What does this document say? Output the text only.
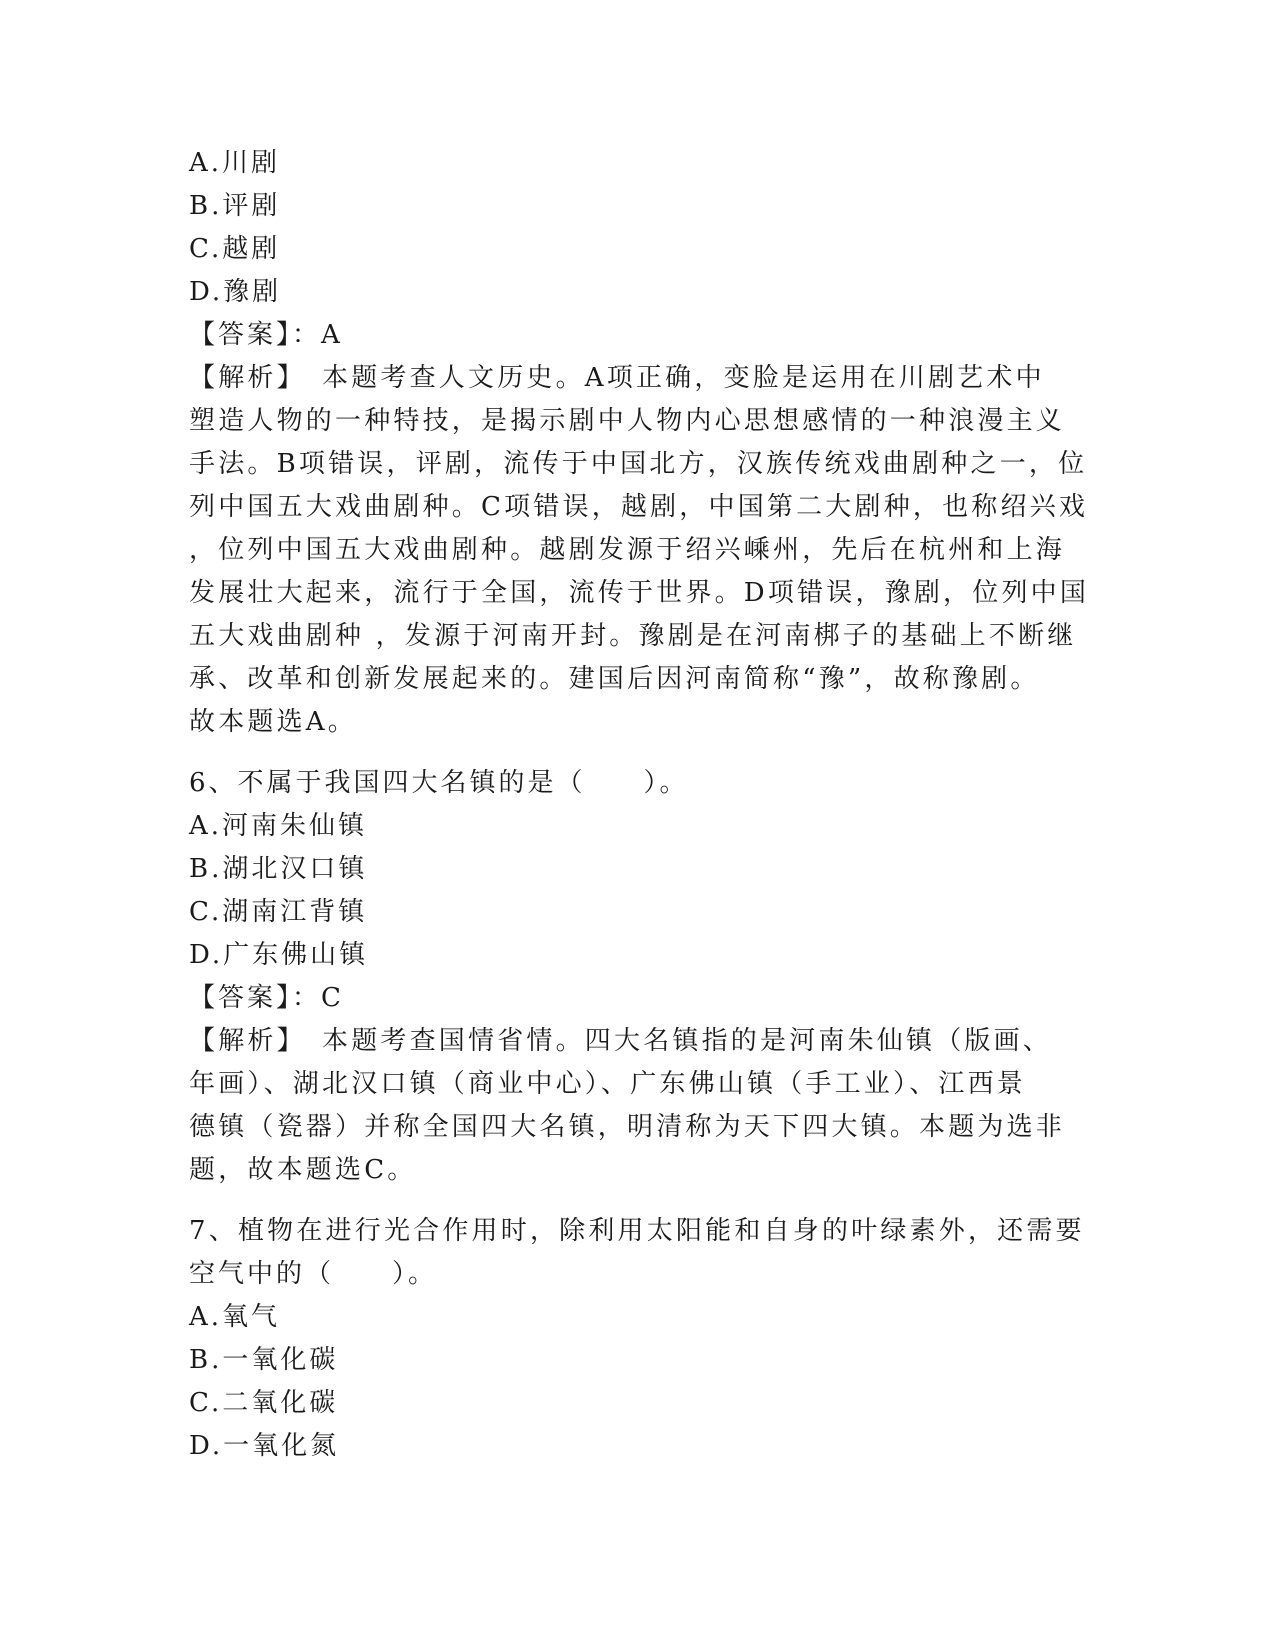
A.川剧
B.评剧
C.越剧
D.豫剧
【答案】：A
【解析】　本题考查人文历史。A项正确，变脸是运用在川剧艺术中
塑造人物的一种特技，是揭示剧中人物内心思想感情的一种浪漫主义
手法。B项错误，评剧，流传于中国北方，汉族传统戏曲剧种之一，位
列中国五大戏曲剧种。C项错误，越剧，中国第二大剧种，也称绍兴戏
，位列中国五大戏曲剧种。越剧发源于绍兴嵊州，先后在杭州和上海
发展壮大起来，流行于全国，流传于世界。D项错误，豫剧，位列中国
五大戏曲剧种 ，发源于河南开封。豫剧是在河南梆子的基础上不断继
承、改革和创新发展起来的。建国后因河南简称“豫”，故称豫剧。
故本题选A。
6、不属于我国四大名镇的是（　　）。
A.河南朱仙镇
B.湖北汉口镇
C.湖南江背镇
D.广东佛山镇
【答案】：C
【解析】　本题考查国情省情。四大名镇指的是河南朱仙镇（版画、
年画）、湖北汉口镇（商业中心）、广东佛山镇（手工业）、江西景
德镇（瓷器）并称全国四大名镇，明清称为天下四大镇。本题为选非
题，故本题选C。
7、植物在进行光合作用时，除利用太阳能和自身的叶绿素外，还需要
空气中的（　　）。
A.氧气
B.一氧化碳
C.二氧化碳
D.一氧化氮
